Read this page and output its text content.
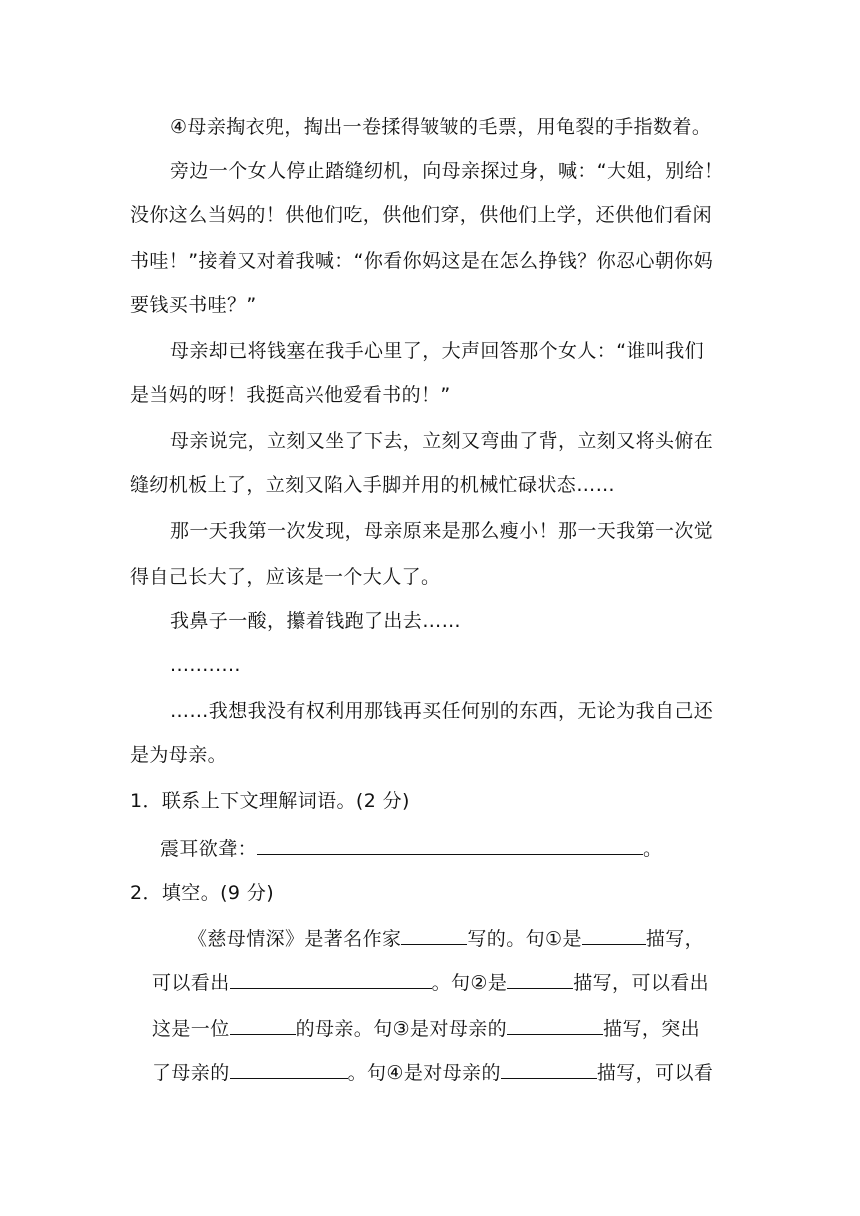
④母亲掏衣兜，掏出一卷揉得皱皱的毛票，用龟裂的手指数着。
旁边一个女人停止踏缝纫机，向母亲探过身，喊：“大姐，别给！
没你这么当妈的！供他们吃，供他们穿，供他们上学，还供他们看闲
书哇！”接着又对着我喊：“你看你妈这是在怎么挣钱？你忍心朝你妈
要钱买书哇？”
母亲却已将钱塞在我手心里了，大声回答那个女人：“谁叫我们
是当妈的呀！我挺高兴他爱看书的！”
母亲说完，立刻又坐了下去，立刻又弯曲了背，立刻又将头俯在
缝纫机板上了，立刻又陷入手脚并用的机械忙碌状态……
那一天我第一次发现，母亲原来是那么瘦小！那一天我第一次觉
得自己长大了，应该是一个大人了。
我鼻子一酸，攥着钱跑了出去……
...........
……我想我没有权利用那钱再买任何别的东西，无论为我自己还
是为母亲。
1．联系上下文理解词语。(2 分)
震耳欲聋：	。
2．填空。(9 分)
《慈母情深》是著名作家	写的。句①是	描写，
可以看出	。句②是	描写，可以看出
这是一位	的母亲。句③是对母亲的	描写，突出
了母亲的	。句④是对母亲的	描写，可以看
